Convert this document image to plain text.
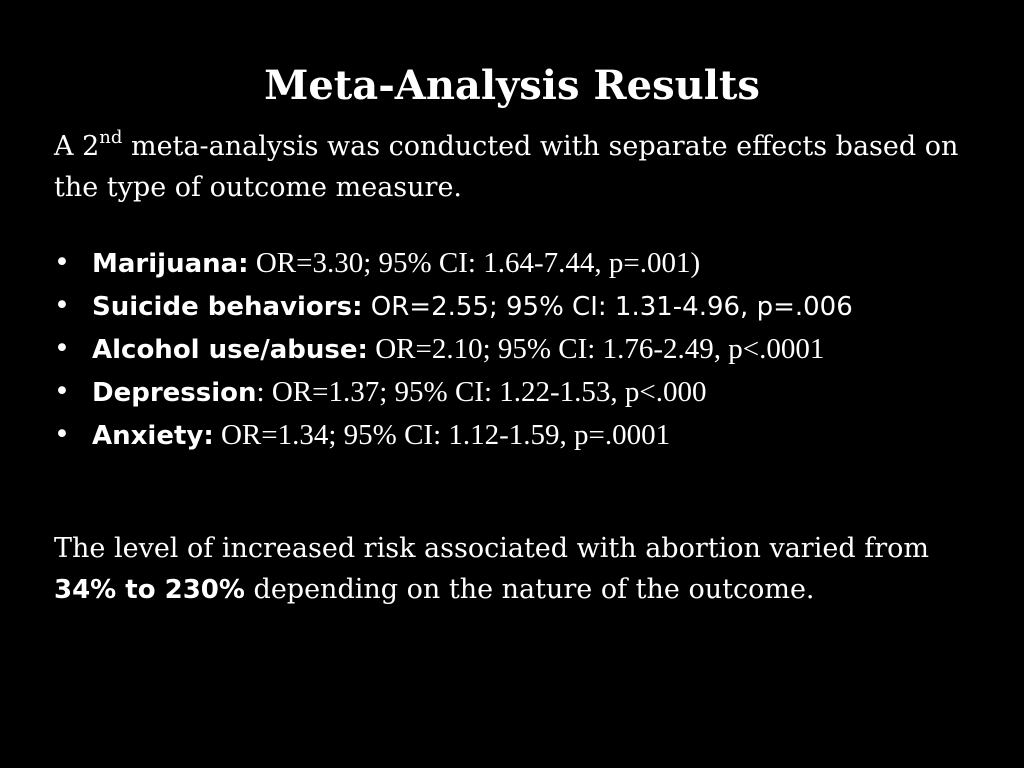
Meta-Analysis Results

A 2nd meta-analysis was conducted with separate effects based on the type of outcome measure.

• Marijuana: OR=3.30; 95% CI: 1.64-7.44, p=.001)
• Suicide behaviors: OR=2.55; 95% CI: 1.31-4.96, p=.006
• Alcohol use/abuse: OR=2.10; 95% CI: 1.76-2.49, p<.0001
• Depression: OR=1.37; 95% CI: 1.22-1.53, p<.000
• Anxiety: OR=1.34; 95% CI: 1.12-1.59, p=.0001

The level of increased risk associated with abortion varied from 34% to 230% depending on the nature of the outcome.
